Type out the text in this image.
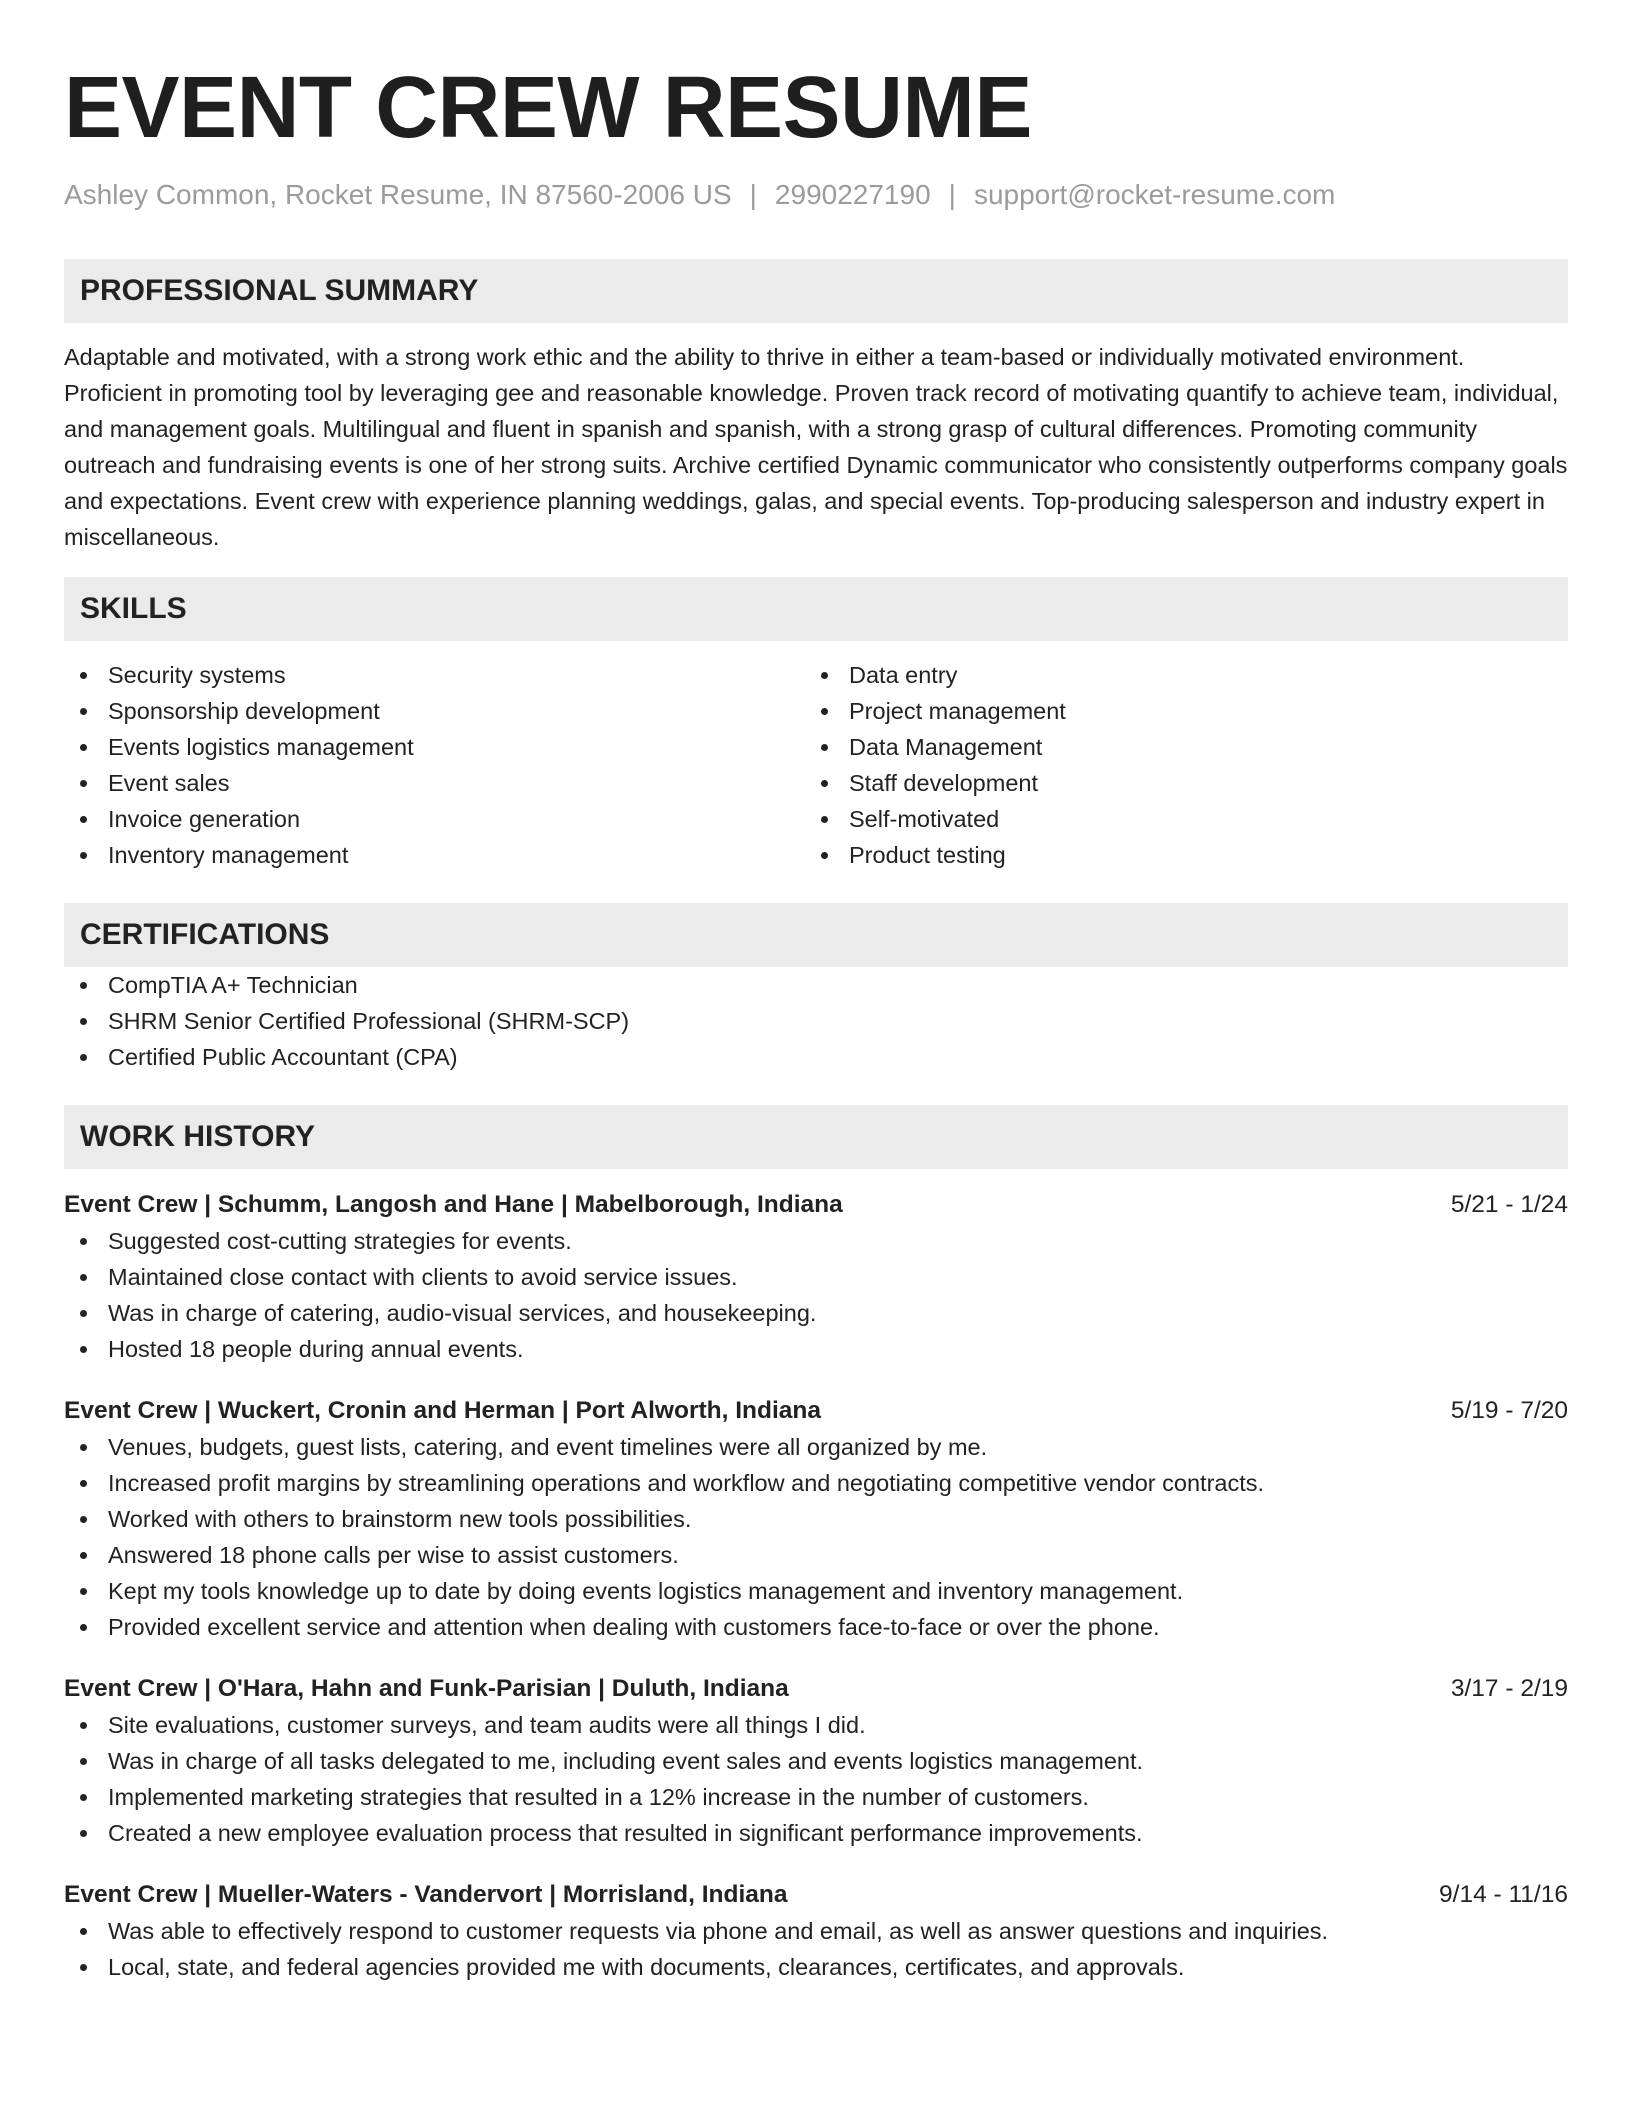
EVENT CREW RESUME
Ashley Common, Rocket Resume, IN 87560-2006 US | 2990227190 | support@rocket-resume.com
PROFESSIONAL SUMMARY
Adaptable and motivated, with a strong work ethic and the ability to thrive in either a team-based or individually motivated environment. Proficient in promoting tool by leveraging gee and reasonable knowledge. Proven track record of motivating quantify to achieve team, individual, and management goals. Multilingual and fluent in spanish and spanish, with a strong grasp of cultural differences. Promoting community outreach and fundraising events is one of her strong suits. Archive certified Dynamic communicator who consistently outperforms company goals and expectations. Event crew with experience planning weddings, galas, and special events. Top-producing salesperson and industry expert in miscellaneous.
SKILLS
Security systems
Sponsorship development
Events logistics management
Event sales
Invoice generation
Inventory management
Data entry
Project management
Data Management
Staff development
Self-motivated
Product testing
CERTIFICATIONS
CompTIA A+ Technician
SHRM Senior Certified Professional (SHRM-SCP)
Certified Public Accountant (CPA)
WORK HISTORY
Event Crew | Schumm, Langosh and Hane | Mabelborough, Indiana	5/21 - 1/24
Suggested cost-cutting strategies for events.
Maintained close contact with clients to avoid service issues.
Was in charge of catering, audio-visual services, and housekeeping.
Hosted 18 people during annual events.
Event Crew | Wuckert, Cronin and Herman | Port Alworth, Indiana	5/19 - 7/20
Venues, budgets, guest lists, catering, and event timelines were all organized by me.
Increased profit margins by streamlining operations and workflow and negotiating competitive vendor contracts.
Worked with others to brainstorm new tools possibilities.
Answered 18 phone calls per wise to assist customers.
Kept my tools knowledge up to date by doing events logistics management and inventory management.
Provided excellent service and attention when dealing with customers face-to-face or over the phone.
Event Crew | O'Hara, Hahn and Funk-Parisian | Duluth, Indiana	3/17 - 2/19
Site evaluations, customer surveys, and team audits were all things I did.
Was in charge of all tasks delegated to me, including event sales and events logistics management.
Implemented marketing strategies that resulted in a 12% increase in the number of customers.
Created a new employee evaluation process that resulted in significant performance improvements.
Event Crew | Mueller-Waters - Vandervort | Morrisland, Indiana	9/14 - 11/16
Was able to effectively respond to customer requests via phone and email, as well as answer questions and inquiries.
Local, state, and federal agencies provided me with documents, clearances, certificates, and approvals.
